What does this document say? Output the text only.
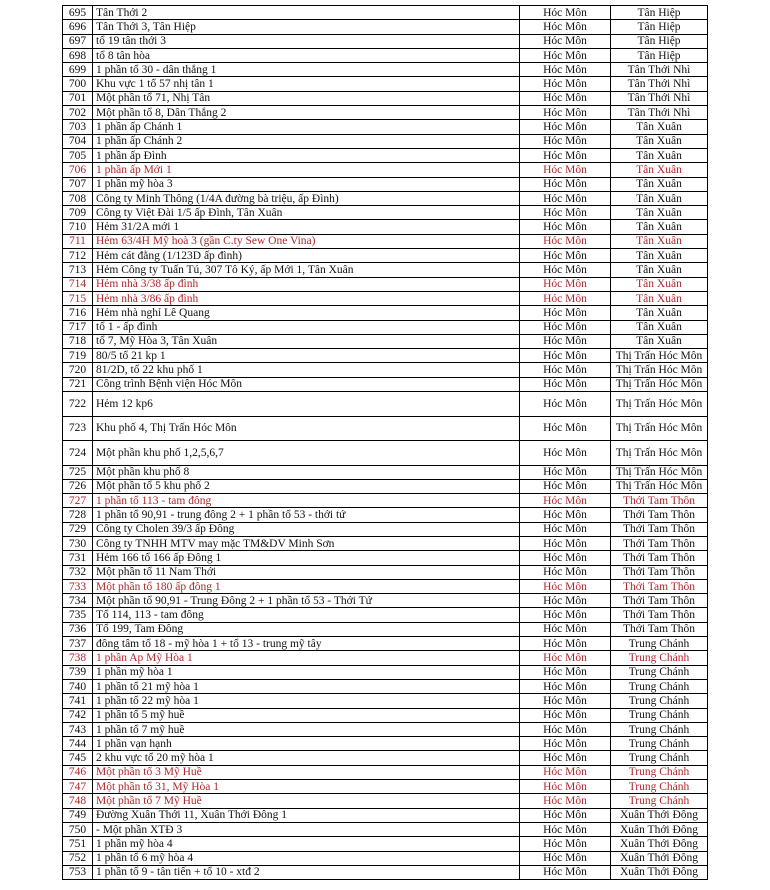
695	Tân Thới 2	Hóc Môn	Tân Hiệp
696	Tân Thới 3, Tân Hiệp	Hóc Môn	Tân Hiệp
697	tổ 19 tân thới 3	Hóc Môn	Tân Hiệp
698	tổ 8 tân hòa	Hóc Môn	Tân Hiệp
699	1 phần tổ 30 - dân thắng 1	Hóc Môn	Tân Thới Nhì
700	Khu vực 1 tổ 57 nhị tân 1	Hóc Môn	Tân Thới Nhì
701	Một phần tổ 71, Nhị Tân	Hóc Môn	Tân Thới Nhì
702	Một phần tổ 8, Dân Thắng 2	Hóc Môn	Tân Thới Nhì
703	1 phần ấp Chánh 1	Hóc Môn	Tân Xuân
704	1 phần ấp Chánh 2	Hóc Môn	Tân Xuân
705	1 phần ấp Đình	Hóc Môn	Tân Xuân
706	1 phần ấp Mới 1	Hóc Môn	Tân Xuân
707	1 phần mỹ hòa 3	Hóc Môn	Tân Xuân
708	Công ty Minh Thông (1/4A đường bà triệu, ấp Đình)	Hóc Môn	Tân Xuân
709	Công ty Việt Đài 1/5 ấp Đình, Tân Xuân	Hóc Môn	Tân Xuân
710	Hẻm 31/2A mới 1	Hóc Môn	Tân Xuân
711	Hẻm 63/4H Mỹ hoà 3 (gần C.ty Sew One Vina)	Hóc Môn	Tân Xuân
712	Hẻm cát đằng (1/123D ấp đình)	Hóc Môn	Tân Xuân
713	Hẻm Công ty Tuấn Tú, 307 Tô Ký, ấp Mới 1, Tân Xuân	Hóc Môn	Tân Xuân
714	Hẻm nhà 3/38 ấp đình	Hóc Môn	Tân Xuân
715	Hẻm nhà 3/86 ấp đình	Hóc Môn	Tân Xuân
716	Hẻm nhà nghỉ Lê Quang	Hóc Môn	Tân Xuân
717	tổ 1 - ấp đình	Hóc Môn	Tân Xuân
718	tổ 7, Mỹ Hòa 3, Tân Xuân	Hóc Môn	Tân Xuân
719	80/5 tổ 21 kp 1	Hóc Môn	Thị Trấn Hóc Môn
720	81/2D, tổ 22 khu phố 1	Hóc Môn	Thị Trấn Hóc Môn
721	Công trình Bệnh viện Hóc Môn	Hóc Môn	Thị Trấn Hóc Môn
722	Hẻm 12 kp6	Hóc Môn	Thị Trấn Hóc Môn
723	Khu phố 4, Thị Trấn Hóc Môn	Hóc Môn	Thị Trấn Hóc Môn
724	Một phần khu phố 1,2,5,6,7	Hóc Môn	Thị Trấn Hóc Môn
725	Một phần khu phố 8	Hóc Môn	Thị Trấn Hóc Môn
726	Một phần tổ 5 khu phố 2	Hóc Môn	Thị Trấn Hóc Môn
727	1 phần tổ 113 - tam đông	Hóc Môn	Thới Tam Thôn
728	1 phần tổ 90,91 - trung đông 2 + 1 phần tổ 53 - thới tứ	Hóc Môn	Thới Tam Thôn
729	Công ty Cholen 39/3 ấp Đông	Hóc Môn	Thới Tam Thôn
730	Công ty TNHH MTV may mặc TM&DV Minh Sơn	Hóc Môn	Thới Tam Thôn
731	Hẻm 166 tổ 166 ấp Đông 1	Hóc Môn	Thới Tam Thôn
732	Một phần tổ 11 Nam Thới	Hóc Môn	Thới Tam Thôn
733	Một phần tổ 180 ấp đông 1	Hóc Môn	Thới Tam Thôn
734	Một phần tổ 90,91 - Trung Đông 2 + 1 phần tổ 53 - Thới Tứ	Hóc Môn	Thới Tam Thôn
735	Tổ 114, 113 - tam đông	Hóc Môn	Thới Tam Thôn
736	Tổ 199, Tam Đông	Hóc Môn	Thới Tam Thôn
737	đông tâm tổ 18 - mỹ hòa 1 + tổ 13 - trung mỹ tây	Hóc Môn	Trung Chánh
738	1 phần Ap Mỹ Hòa 1	Hóc Môn	Trung Chánh
739	1 phần mỹ hòa 1	Hóc Môn	Trung Chánh
740	1 phần tổ 21 mỹ hòa 1	Hóc Môn	Trung Chánh
741	1 phần tổ 22 mỹ hòa 1	Hóc Môn	Trung Chánh
742	1 phần tổ 5 mỹ huề	Hóc Môn	Trung Chánh
743	1 phần tổ 7 mỹ huề	Hóc Môn	Trung Chánh
744	1 phần vạn hạnh	Hóc Môn	Trung Chánh
745	2 khu vực tổ 20 mỹ hòa 1	Hóc Môn	Trung Chánh
746	Một phần tổ 3 Mỹ Huề	Hóc Môn	Trung Chánh
747	Một phần tổ 31, Mỹ Hòa 1	Hóc Môn	Trung Chánh
748	Một phần tổ 7 Mỹ Huề	Hóc Môn	Trung Chánh
749	Đường Xuân Thới 11, Xuân Thới Đông 1	Hóc Môn	Xuân Thới Đông
750	- Một phần XTĐ 3	Hóc Môn	Xuân Thới Đông
751	1 phần mỹ hòa 4	Hóc Môn	Xuân Thới Đông
752	1 phần tổ 6 mỹ hòa 4	Hóc Môn	Xuân Thới Đông
753	1 phần tổ 9 - tân tiến + tổ 10 - xtđ 2	Hóc Môn	Xuân Thới Đông
